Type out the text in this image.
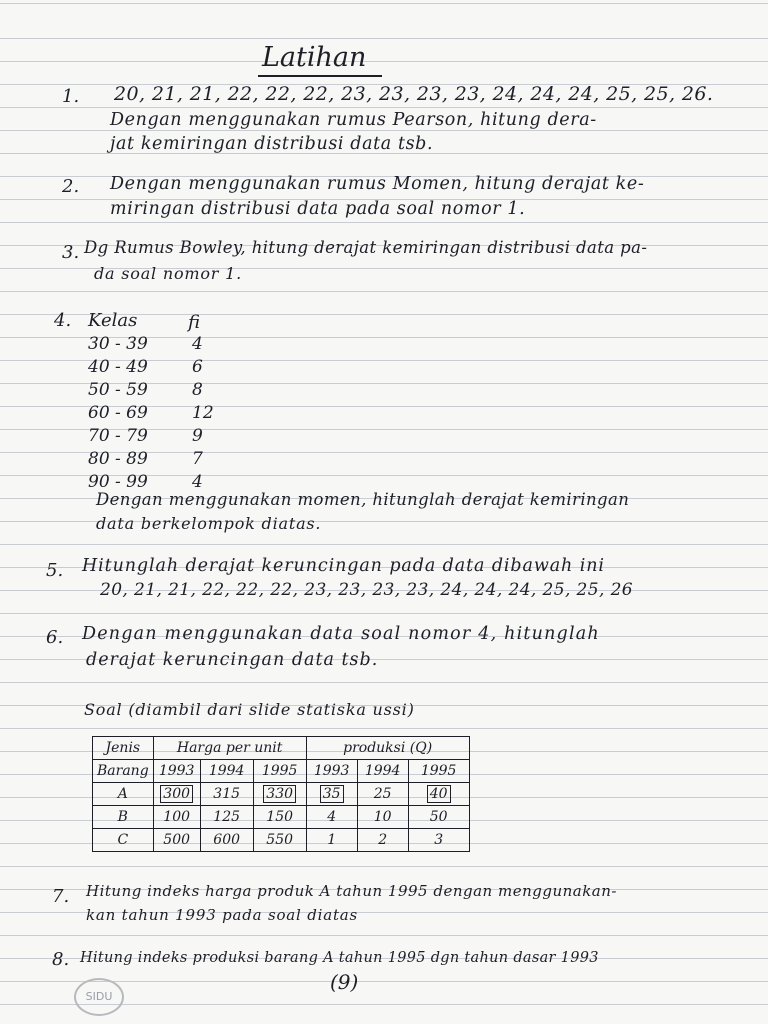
Latihan
1. 20, 21, 21, 22, 22, 22, 23, 23, 23, 23, 24, 24, 24, 25, 25, 26.
Dengan menggunakan rumus Pearson, hitung dera-
jat kemiringan distribusi data tsb.
2. Dengan menggunakan rumus Momen, hitung derajat ke-
miringan distribusi data pada soal nomor 1.
3. Dg Rumus Bowley, hitung derajat kemiringan distribusi data pa-
da soal nomor 1.
4. Kelas	fi
30 - 39	4
40 - 49	6
50 - 59	8
60 - 69	12
70 - 79	9
80 - 89	7
90 - 99	4
Dengan menggunakan momen, hitunglah derajat kemiringan
data berkelompok diatas.
5. Hitunglah derajat keruncingan pada data dibawah ini
20, 21, 21, 22, 22, 22, 23, 23, 23, 23, 24, 24, 24, 25, 25, 26
6. Dengan menggunakan data soal nomor 4, hitunglah
derajat keruncingan data tsb.
Soal (diambil dari slide statiska ussi)
Jenis	Harga per unit			produksi (Q)		
Barang	1993	1994	1995	1993	1994	1995
A	300	315	330	35	25	40
B	100	125	150	4	10	50
C	500	600	550	1	2	3
7. Hitung indeks harga produk A tahun 1995 dengan menggunakan-
kan tahun 1993 pada soal diatas
8. Hitung indeks produksi barang A tahun 1995 dgn tahun dasar 1993
(9)
SIDU
